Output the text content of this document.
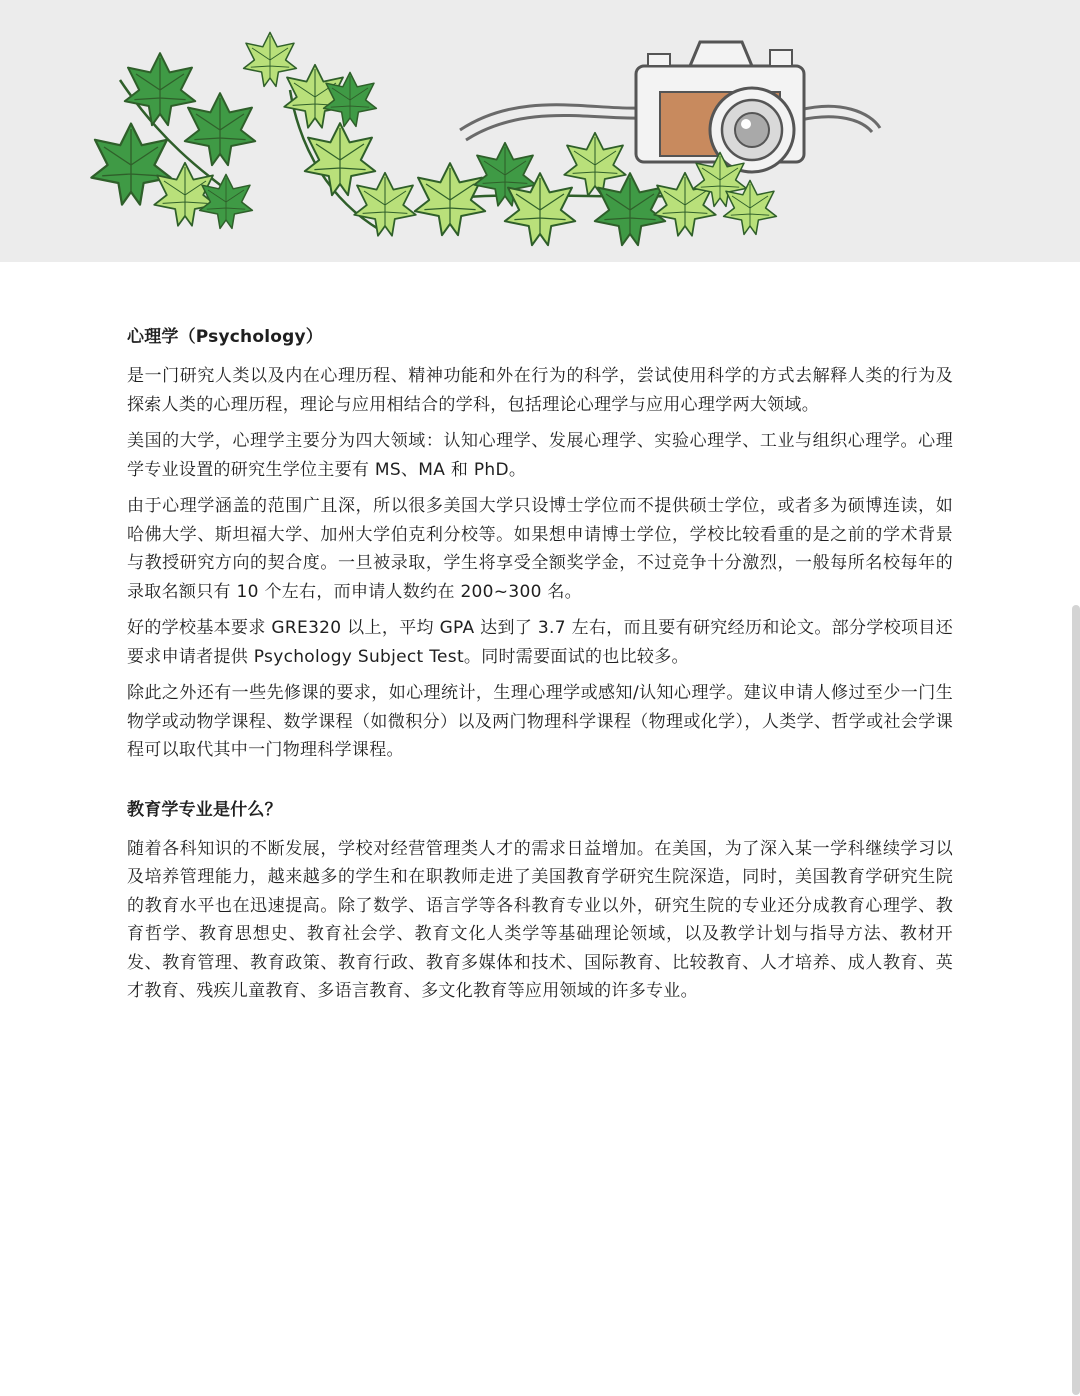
心理学（Psychology）

是一门研究人类以及内在心理历程、精神功能和外在行为的科学，尝试使用科学的方式去解释人类的行为及探索人类的心理历程，理论与应用相结合的学科，包括理论心理学与应用心理学两大领域。

美国的大学，心理学主要分为四大领域：认知心理学、发展心理学、实验心理学、工业与组织心理学。心理学专业设置的研究生学位主要有 MS、MA 和 PhD。

由于心理学涵盖的范围广且深，所以很多美国大学只设博士学位而不提供硕士学位，或者多为硕博连读，如哈佛大学、斯坦福大学、加州大学伯克利分校等。如果想申请博士学位，学校比较看重的是之前的学术背景与教授研究方向的契合度。一旦被录取，学生将享受全额奖学金，不过竞争十分激烈，一般每所名校每年的录取名额只有 10 个左右，而申请人数约在 200~300 名。

好的学校基本要求 GRE320 以上，平均 GPA 达到了 3.7 左右，而且要有研究经历和论文。部分学校项目还要求申请者提供 Psychology Subject Test。同时需要面试的也比较多。

除此之外还有一些先修课的要求，如心理统计，生理心理学或感知/认知心理学。建议申请人修过至少一门生物学或动物学课程、数学课程（如微积分）以及两门物理科学课程（物理或化学），人类学、哲学或社会学课程可以取代其中一门物理科学课程。

教育学专业是什么？

随着各科知识的不断发展，学校对经营管理类人才的需求日益增加。在美国，为了深入某一学科继续学习以及培养管理能力，越来越多的学生和在职教师走进了美国教育学研究生院深造，同时，美国教育学研究生院的教育水平也在迅速提高。除了数学、语言学等各科教育专业以外，研究生院的专业还分成教育心理学、教育哲学、教育思想史、教育社会学、教育文化人类学等基础理论领域，以及教学计划与指导方法、教材开发、教育管理、教育政策、教育行政、教育多媒体和技术、国际教育、比较教育、人才培养、成人教育、英才教育、残疾儿童教育、多语言教育、多文化教育等应用领域的许多专业。
